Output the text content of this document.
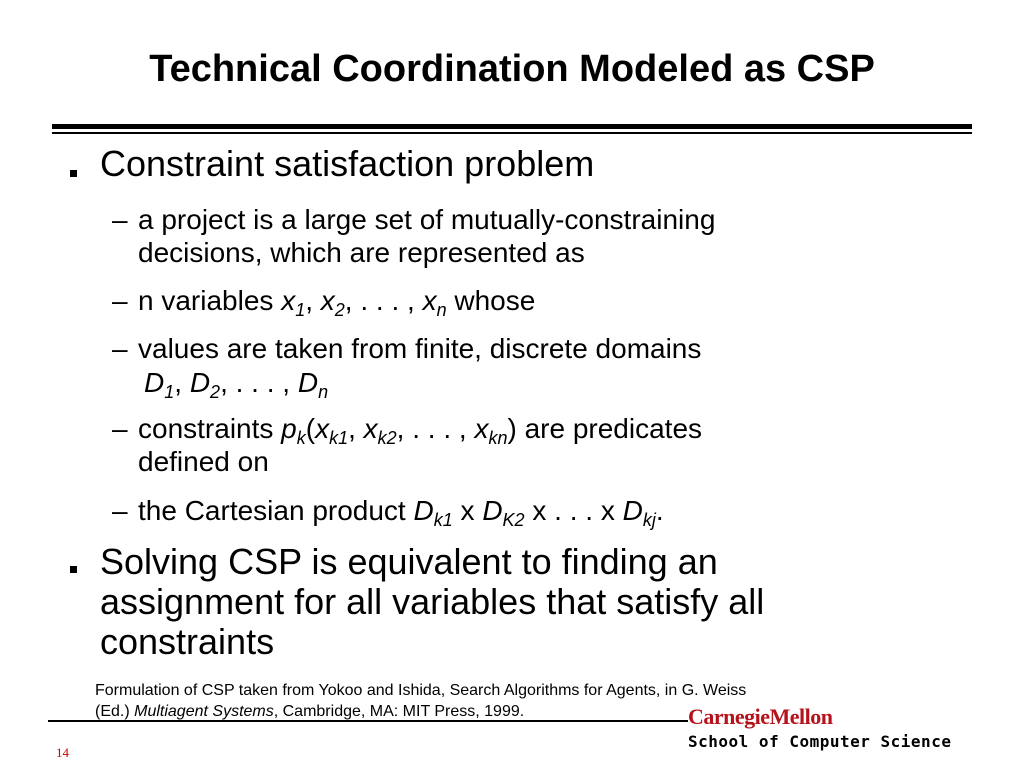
Technical Coordination Modeled as CSP
Constraint satisfaction problem
– a project is a large set of mutually-constraining
decisions, which are represented as
– n variables $x_1$, $x_2$, . . . , $x_n$ whose
– values are taken from finite, discrete domains
$D_1$, $D_2$, . . . , $D_n$
– constraints $p_k(x_{k1}$, $x_{k2}$, . . . , $x_{kn}$) are predicates
defined on
– the Cartesian product $D_{k1}$ x $D_{K2}$ x . . . x $D_{kj}$.
Solving CSP is equivalent to finding an
assignment for all variables that satisfy all
constraints
Formulation of CSP taken from Yokoo and Ishida, Search Algorithms for Agents, in G. Weiss
(Ed.) Multiagent Systems, Cambridge, MA: MIT Press, 1999.
14
CarnegieMellon
School of Computer Science
